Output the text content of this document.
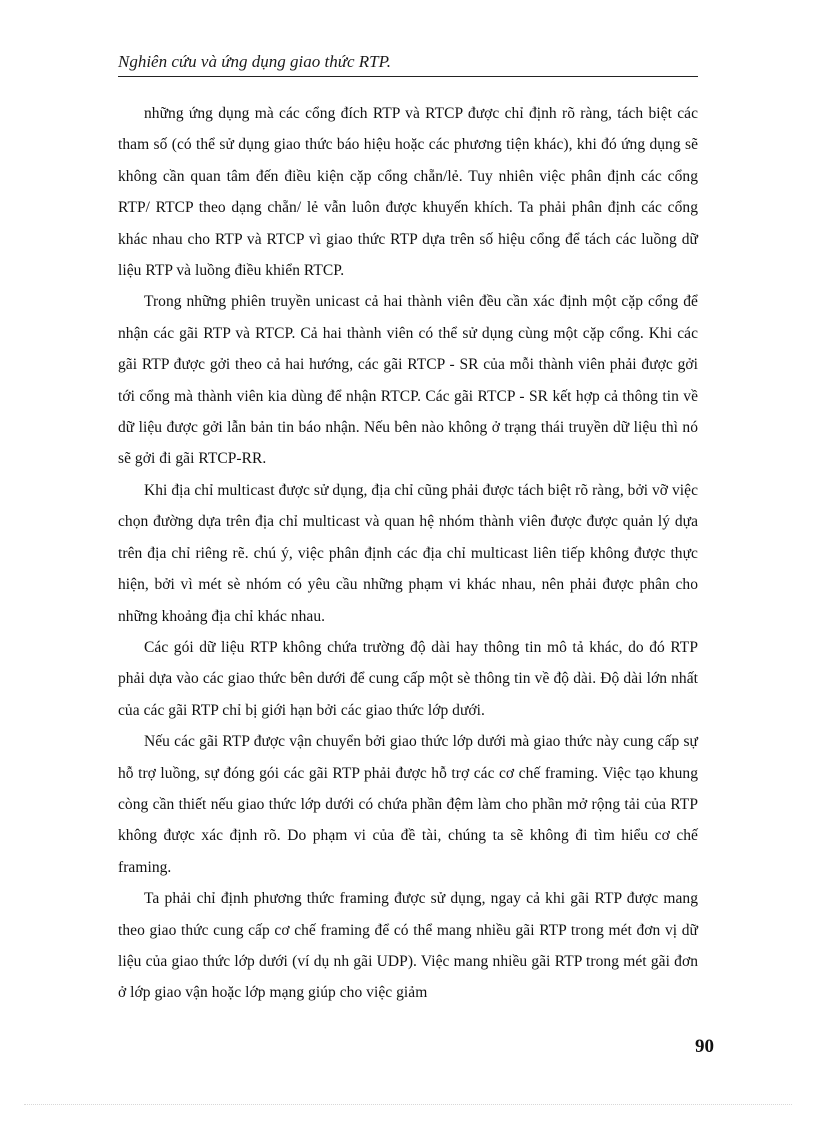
Nghiên cứu và ứng dụng giao thức RTP.

những ứng dụng mà các cổng đích RTP và RTCP được chỉ định rõ ràng, tách biệt các tham số (có thể sử dụng giao thức báo hiệu hoặc các phương tiện khác), khi đó ứng dụng sẽ không cần quan tâm đến điều kiện cặp cổng chẵn/lẻ. Tuy nhiên việc phân định các cổng RTP/ RTCP theo dạng chẵn/ lẻ vẫn luôn được khuyến khích. Ta phải phân định các cổng khác nhau cho RTP và RTCP vì giao thức RTP dựa trên số hiệu cổng để tách các luồng dữ liệu RTP và luồng điều khiển RTCP.

Trong những phiên truyền unicast cả hai thành viên đều cần xác định một cặp cổng để nhận các gãi RTP và RTCP. Cả hai thành viên có thể sử dụng cùng một cặp cổng. Khi các gãi RTP được gởi theo cả hai hướng, các gãi RTCP - SR của mỗi thành viên phải được gởi tới cổng mà thành viên kia dùng để nhận RTCP. Các gãi RTCP - SR kết hợp cả thông tin về dữ liệu được gởi lẫn bản tin báo nhận. Nếu bên nào không ở trạng thái truyền dữ liệu thì nó sẽ gởi đi gãi RTCP-RR.

Khi địa chỉ multicast được sử dụng, địa chỉ cũng phải được tách biệt rõ ràng, bởi vỡ việc chọn đường dựa trên địa chỉ multicast và quan hệ nhóm thành viên được được quản lý dựa trên địa chỉ riêng rẽ. chú ý, việc phân định các địa chỉ multicast liên tiếp không được thực hiện, bởi vì mét sè nhóm có yêu cầu những phạm vi khác nhau, nên phải được phân cho những khoảng địa chỉ khác nhau.

Các gói dữ liệu RTP không chứa trường độ dài hay thông tin mô tả khác, do đó RTP phải dựa vào các giao thức bên dưới để cung cấp một sè thông tin về độ dài. Độ dài lớn nhất của các gãi RTP chỉ bị giới hạn bởi các giao thức lớp dưới.

Nếu các gãi RTP được vận chuyển bởi giao thức lớp dưới mà giao thức này cung cấp sự hỗ trợ luồng, sự đóng gói các gãi RTP phải được hỗ trợ các cơ chế framing. Việc tạo khung còng cần thiết nếu giao thức lớp dưới có chứa phần đệm làm cho phần mở rộng tải của RTP không được xác định rõ. Do phạm vi của đề tài, chúng ta sẽ không đi tìm hiểu cơ chế framing.

Ta phải chỉ định phương thức framing được sử dụng, ngay cả khi gãi RTP được mang theo giao thức cung cấp cơ chế framing để có thể mang nhiều gãi RTP trong mét đơn vị dữ liệu của giao thức lớp dưới (ví dụ nh gãi UDP). Việc mang nhiều gãi RTP trong mét gãi đơn ở lớp giao vận hoặc lớp mạng giúp cho việc giảm

90
